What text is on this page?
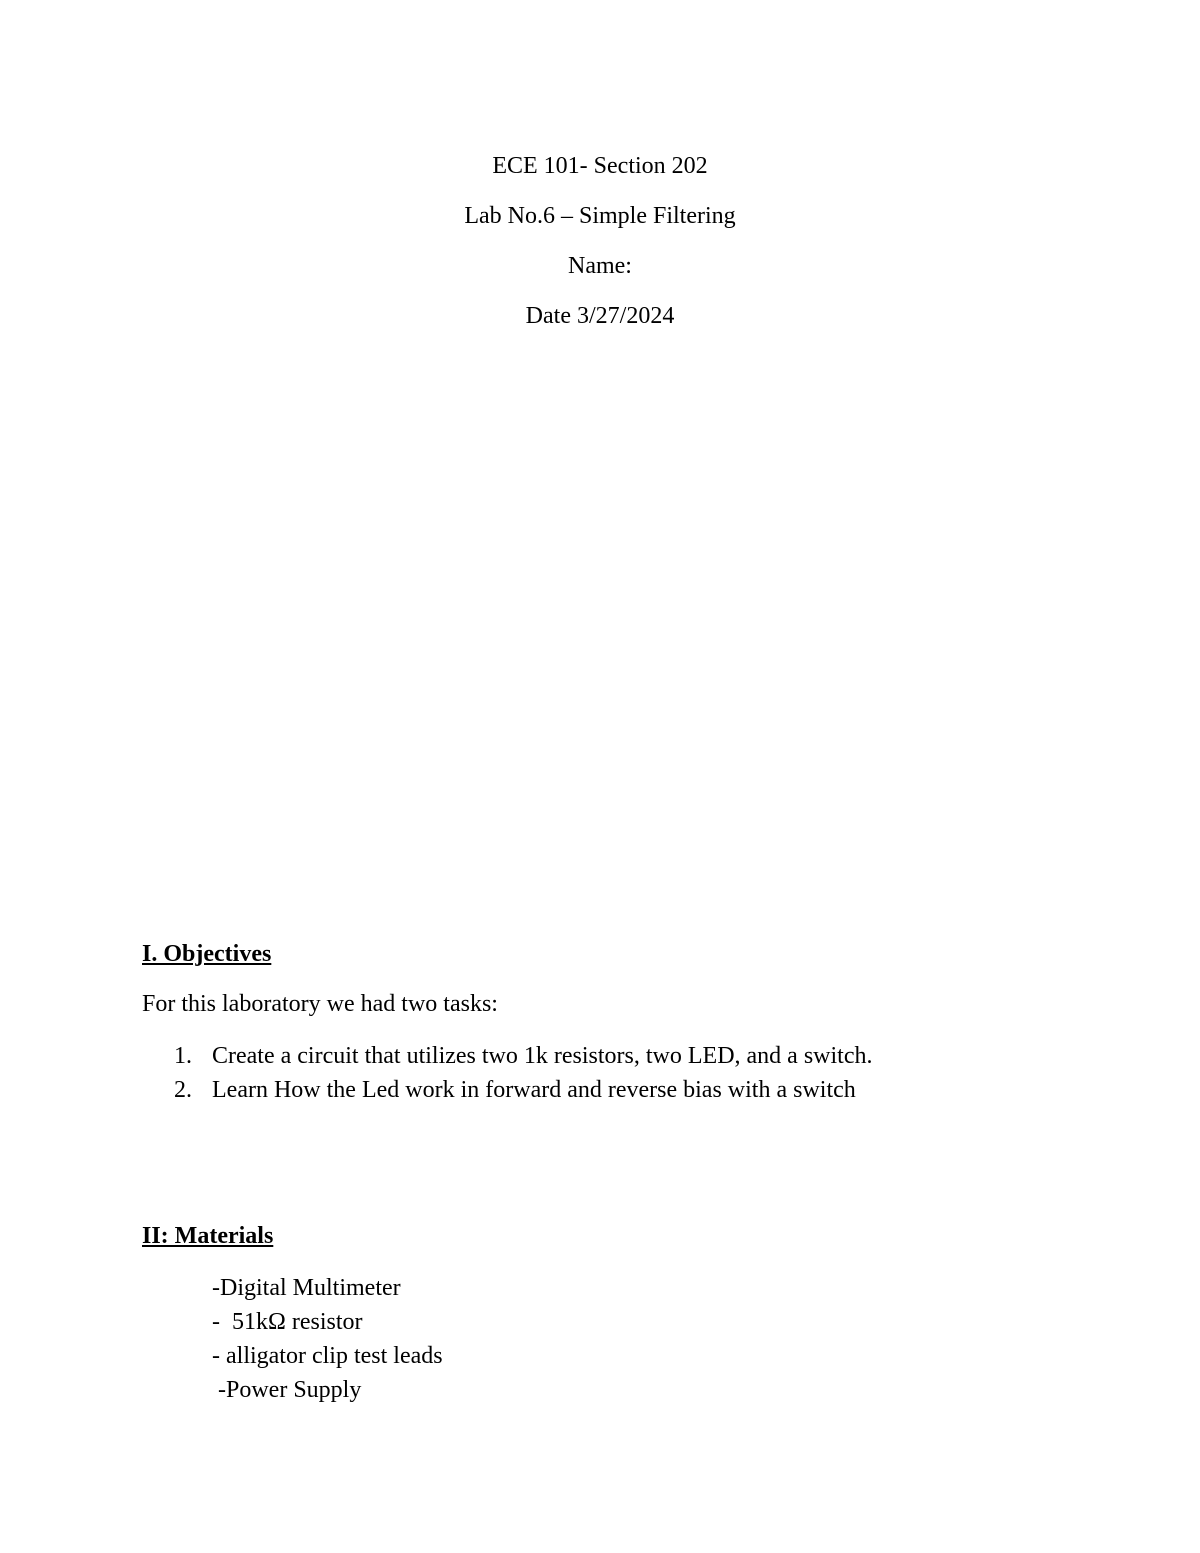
ECE 101- Section 202
Lab No.6 – Simple Filtering
Name:
Date 3/27/2024
I. Objectives
For this laboratory we had two tasks:
1. Create a circuit that utilizes two 1k resistors, two LED, and a switch.
2. Learn How the Led work in forward and reverse bias with a switch
II: Materials
-Digital Multimeter
-  51kΩ resistor
- alligator clip test leads
-Power Supply
